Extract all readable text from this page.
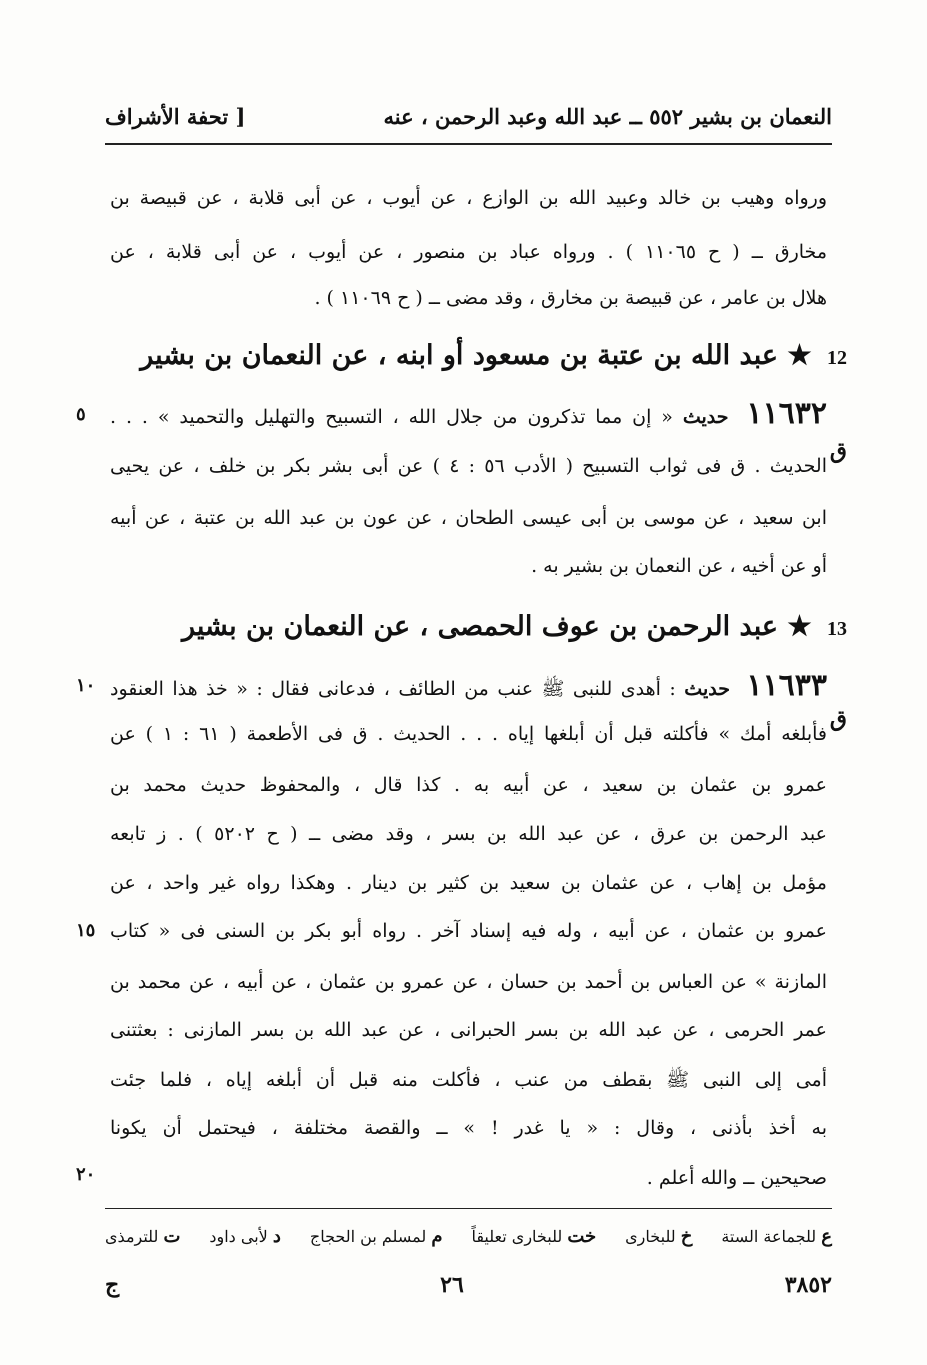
النعمان بن بشير ٥٥٢ ــ عبد الله وعبد الرحمن ، عنه
[ تحفة الأشراف
ورواه وهيب بن خالد وعبيد الله بن الوازع ، عن أيوب ، عن أبى قلابة ، عن قبيصة بن
مخارق ــ ( ح ١١٠٦٥ ) . ورواه عباد بن منصور ، عن أيوب ، عن أبى قلابة ، عن
هلال بن عامر ، عن قبيصة بن مخارق ، وقد مضى ــ ( ح ١١٠٦٩ ) .
12 ★ عبد الله بن عتبة بن مسعود أو ابنه ، عن النعمان بن بشير
١١٦٣٢ حديث « إن مما تذكرون من جلال الله ، التسبيح والتهليل والتحميد » . . .
٥
ق
الحديث . ق فى ثواب التسبيح ( الأدب ٥٦ : ٤ ) عن أبى بشر بكر بن خلف ، عن يحيى
ابن سعيد ، عن موسى بن أبى عيسى الطحان ، عن عون بن عبد الله بن عتبة ، عن أبيه
أو عن أخيه ، عن النعمان بن بشير به .
13 ★ عبد الرحمن بن عوف الحمصى ، عن النعمان بن بشير
١١٦٣٣ حديث : أهدى للنبى ﷺ عنب من الطائف ، فدعانى فقال : « خذ هذا العنقود
١٠
ق
فأبلغه أمك » فأكلته قبل أن أبلغها إياه . . . الحديث . ق فى الأطعمة ( ٦١ : ١ ) عن
عمرو بن عثمان بن سعيد ، عن أبيه به . كذا قال ، والمحفوظ حديث محمد بن
عبد الرحمن بن عرق ، عن عبد الله بن بسر ، وقد مضى ــ ( ح ٥٢٠٢ ) . ز تابعه
مؤمل بن إهاب ، عن عثمان بن سعيد بن كثير بن دينار . وهكذا رواه غير واحد ، عن
عمرو بن عثمان ، عن أبيه ، وله فيه إسناد آخر . رواه أبو بكر بن السنى فى « كتاب
١٥
المازنة » عن العباس بن أحمد بن حسان ، عن عمرو بن عثمان ، عن أبيه ، عن محمد بن
عمر الحرمى ، عن عبد الله بن بسر الحبرانى ، عن عبد الله بن بسر المازنى : بعثتنى
أمى إلى النبى ﷺ بقطف من عنب ، فأكلت منه قبل أن أبلغه إياه ، فلما جئت
به أخذ بأذنى ، وقال : « يا غدر ! » ــ والقصة مختلفة ، فيحتمل أن يكونا
صحيحين ــ والله أعلم .
٢٠
ع للجماعة الستة
خ للبخارى
خت للبخارى تعليقاً
م لمسلم بن الحجاج
د لأبى داود
ت للترمذى
٣٨٥٢
٢٦
ج
